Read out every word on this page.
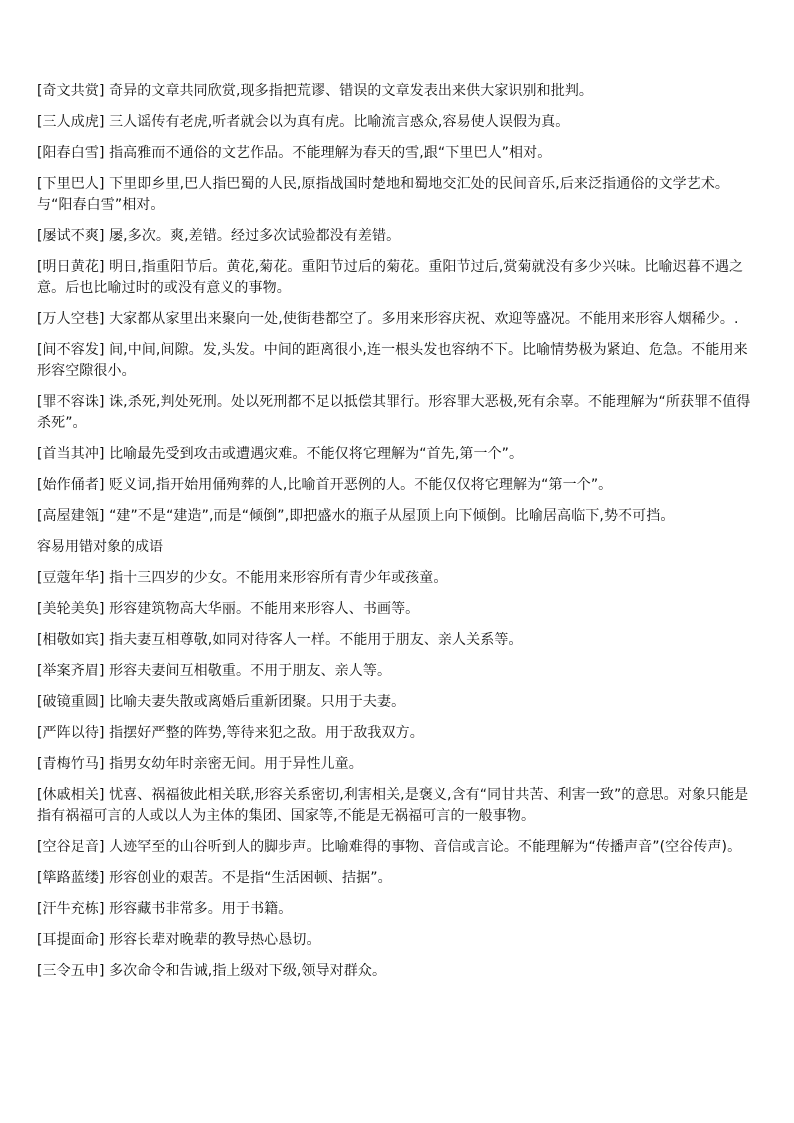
[奇文共赏] 奇异的文章共同欣赏,现多指把荒谬、错误的文章发表出来供大家识别和批判。

[三人成虎] 三人谣传有老虎,听者就会以为真有虎。比喻流言惑众,容易使人误假为真。

[阳春白雪] 指高雅而不通俗的文艺作品。不能理解为春天的雪,跟“下里巴人”相对。

[下里巴人] 下里即乡里,巴人指巴蜀的人民,原指战国时楚地和蜀地交汇处的民间音乐,后来泛指通俗的文学艺术。与“阳春白雪”相对。

[屡试不爽] 屡,多次。爽,差错。经过多次试验都没有差错。

[明日黄花] 明日,指重阳节后。黄花,菊花。重阳节过后的菊花。重阳节过后,赏菊就没有多少兴味。比喻迟暮不遇之意。后也比喻过时的或没有意义的事物。

[万人空巷] 大家都从家里出来聚向一处,使街巷都空了。多用来形容庆祝、欢迎等盛况。不能用来形容人烟稀少。.

[间不容发] 间,中间,间隙。发,头发。中间的距离很小,连一根头发也容纳不下。比喻情势极为紧迫、危急。不能用来形容空隙很小。

[罪不容诛] 诛,杀死,判处死刑。处以死刑都不足以抵偿其罪行。形容罪大恶极,死有余辜。不能理解为“所获罪不值得杀死”。

[首当其冲] 比喻最先受到攻击或遭遇灾难。不能仅将它理解为“首先,第一个”。

[始作俑者] 贬义词,指开始用俑殉葬的人,比喻首开恶例的人。不能仅仅将它理解为“第一个”。

[高屋建瓴] “建”不是“建造”,而是“倾倒”,即把盛水的瓶子从屋顶上向下倾倒。比喻居高临下,势不可挡。

容易用错对象的成语

[豆蔻年华] 指十三四岁的少女。不能用来形容所有青少年或孩童。

[美轮美奂] 形容建筑物高大华丽。不能用来形容人、书画等。

[相敬如宾] 指夫妻互相尊敬,如同对待客人一样。不能用于朋友、亲人关系等。

[举案齐眉] 形容夫妻间互相敬重。不用于朋友、亲人等。

[破镜重圆] 比喻夫妻失散或离婚后重新团聚。只用于夫妻。

[严阵以待] 指摆好严整的阵势,等待来犯之敌。用于敌我双方。

[青梅竹马] 指男女幼年时亲密无间。用于异性儿童。

[休戚相关] 忧喜、祸福彼此相关联,形容关系密切,利害相关,是褒义,含有“同甘共苦、利害一致”的意思。对象只能是指有祸福可言的人或以人为主体的集团、国家等,不能是无祸福可言的一般事物。

[空谷足音] 人迹罕至的山谷听到人的脚步声。比喻难得的事物、音信或言论。不能理解为“传播声音”(空谷传声)。

[筚路蓝缕] 形容创业的艰苦。不是指“生活困顿、拮据”。

[汗牛充栋] 形容藏书非常多。用于书籍。

[耳提面命] 形容长辈对晚辈的教导热心恳切。

[三令五申] 多次命令和告诫,指上级对下级,领导对群众。
